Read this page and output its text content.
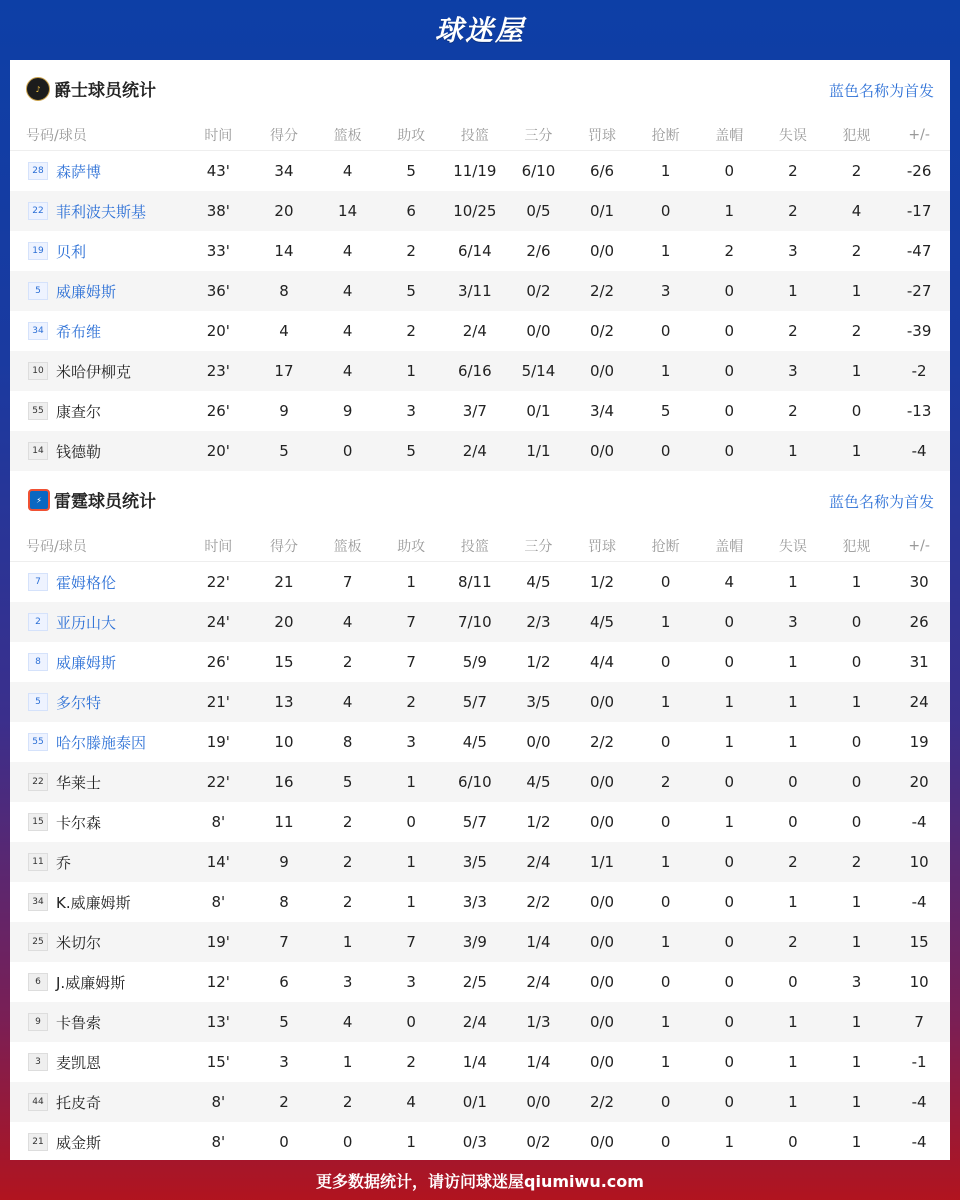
球迷屋
♪ 爵士球员统计	蓝色名称为首发
号码/球员	时间	得分	篮板	助攻	投篮	三分	罚球	抢断	盖帽	失误	犯规	+/-
28 森萨博	43'	34	4	5	11/19	6/10	6/6	1	0	2	2	-26
22 菲利波夫斯基	38'	20	14	6	10/25	0/5	0/1	0	1	2	4	-17
19 贝利	33'	14	4	2	6/14	2/6	0/0	1	2	3	2	-47
5 威廉姆斯	36'	8	4	5	3/11	0/2	2/2	3	0	1	1	-27
34 希布维	20'	4	4	2	2/4	0/0	0/2	0	0	2	2	-39
10 米哈伊柳克	23'	17	4	1	6/16	5/14	0/0	1	0	3	1	-2
55 康查尔	26'	9	9	3	3/7	0/1	3/4	5	0	2	0	-13
14 钱德勒	20'	5	0	5	2/4	1/1	0/0	0	0	1	1	-4
⚡ 雷霆球员统计	蓝色名称为首发
号码/球员	时间	得分	篮板	助攻	投篮	三分	罚球	抢断	盖帽	失误	犯规	+/-
7 霍姆格伦	22'	21	7	1	8/11	4/5	1/2	0	4	1	1	30
2 亚历山大	24'	20	4	7	7/10	2/3	4/5	1	0	3	0	26
8 威廉姆斯	26'	15	2	7	5/9	1/2	4/4	0	0	1	0	31
5 多尔特	21'	13	4	2	5/7	3/5	0/0	1	1	1	1	24
55 哈尔滕施泰因	19'	10	8	3	4/5	0/0	2/2	0	1	1	0	19
22 华莱士	22'	16	5	1	6/10	4/5	0/0	2	0	0	0	20
15 卡尔森	8'	11	2	0	5/7	1/2	0/0	0	1	0	0	-4
11 乔	14'	9	2	1	3/5	2/4	1/1	1	0	2	2	10
34 K.威廉姆斯	8'	8	2	1	3/3	2/2	0/0	0	0	1	1	-4
25 米切尔	19'	7	1	7	3/9	1/4	0/0	1	0	2	1	15
6 J.威廉姆斯	12'	6	3	3	2/5	2/4	0/0	0	0	0	3	10
9 卡鲁索	13'	5	4	0	2/4	1/3	0/0	1	0	1	1	7
3 麦凯恩	15'	3	1	2	1/4	1/4	0/0	1	0	1	1	-1
44 托皮奇	8'	2	2	4	0/1	0/0	2/2	0	0	1	1	-4
21 威金斯	8'	0	0	1	0/3	0/2	0/0	0	1	0	1	-4
更多数据统计，请访问球迷屋qiumiwu.com
